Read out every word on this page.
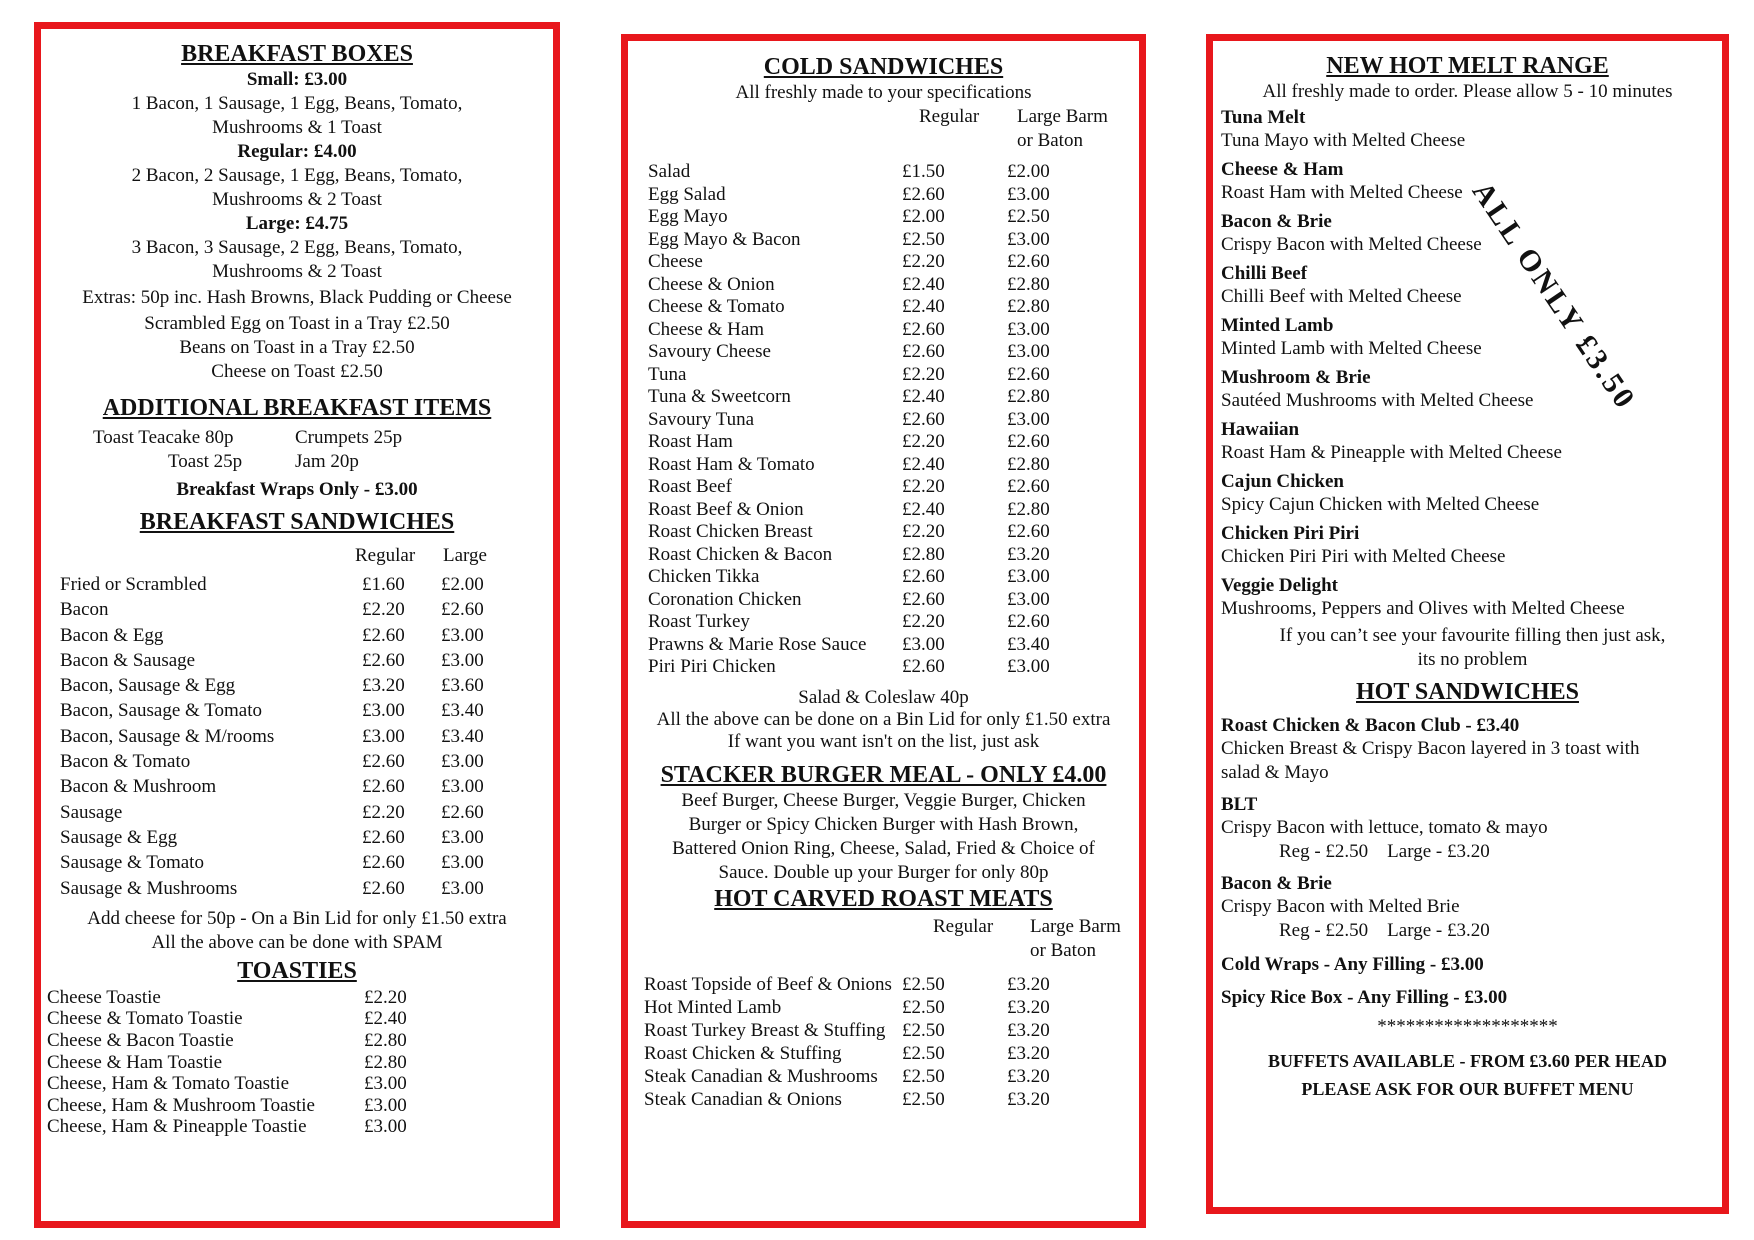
BREAKFAST BOXES

Small: £3.00
1 Bacon, 1 Sausage, 1 Egg, Beans, Tomato,
Mushrooms & 1 Toast
Regular: £4.00
2 Bacon, 2 Sausage, 1 Egg, Beans, Tomato,
Mushrooms & 2 Toast
Large: £4.75
3 Bacon, 3 Sausage, 2 Egg, Beans, Tomato,
Mushrooms & 2 Toast
Extras: 50p inc. Hash Browns, Black Pudding or Cheese
Scrambled Egg on Toast in a Tray £2.50
Beans on Toast in a Tray £2.50
Cheese on Toast £2.50

ADDITIONAL BREAKFAST ITEMS

Toast Teacake 80p	Crumpets 25p
Toast 25p	Jam 20p
Breakfast Wraps Only - £3.00

BREAKFAST SANDWICHES

Regular Large
Fried or Scrambled	£1.60 £2.00
Bacon	£2.20 £2.60
Bacon & Egg	£2.60 £3.00
Bacon & Sausage	£2.60 £3.00
Bacon, Sausage & Egg	£3.20 £3.60
Bacon, Sausage & Tomato	£3.00 £3.40
Bacon, Sausage & M/rooms	£3.00 £3.40
Bacon & Tomato	£2.60 £3.00
Bacon & Mushroom	£2.60 £3.00
Sausage	£2.20 £2.60
Sausage & Egg	£2.60 £3.00
Sausage & Tomato	£2.60 £3.00
Sausage & Mushrooms	£2.60 £3.00
Add cheese for 50p - On a Bin Lid for only £1.50 extra
All the above can be done with SPAM

TOASTIES

Cheese Toastie	£2.20
Cheese & Tomato Toastie	£2.40
Cheese & Bacon Toastie	£2.80
Cheese & Ham Toastie	£2.80
Cheese, Ham & Tomato Toastie	£3.00
Cheese, Ham & Mushroom Toastie	£3.00
Cheese, Ham & Pineapple Toastie	£3.00

COLD SANDWICHES

All freshly made to your specifications
Regular Large Barm
or Baton
Salad	£1.50	£2.00
Egg Salad	£2.60	£3.00
Egg Mayo	£2.00	£2.50
Egg Mayo & Bacon	£2.50	£3.00
Cheese	£2.20	£2.60
Cheese & Onion	£2.40	£2.80
Cheese & Tomato	£2.40	£2.80
Cheese & Ham	£2.60	£3.00
Savoury Cheese	£2.60	£3.00
Tuna	£2.20	£2.60
Tuna & Sweetcorn	£2.40	£2.80
Savoury Tuna	£2.60	£3.00
Roast Ham	£2.20	£2.60
Roast Ham & Tomato	£2.40	£2.80
Roast Beef	£2.20	£2.60
Roast Beef & Onion	£2.40	£2.80
Roast Chicken Breast	£2.20	£2.60
Roast Chicken & Bacon	£2.80	£3.20
Chicken Tikka	£2.60	£3.00
Coronation Chicken	£2.60	£3.00
Roast Turkey	£2.20	£2.60
Prawns & Marie Rose Sauce £3.00	£3.40
Piri Piri Chicken	£2.60	£3.00
Salad & Coleslaw 40p
All the above can be done on a Bin Lid for only £1.50 extra
If want you want isn't on the list, just ask

STACKER BURGER MEAL - ONLY £4.00

Beef Burger, Cheese Burger, Veggie Burger, Chicken
Burger or Spicy Chicken Burger with Hash Brown,
Battered Onion Ring, Cheese, Salad, Fried & Choice of
Sauce. Double up your Burger for only 80p

HOT CARVED ROAST MEATS

Regular Large Barm
or Baton
Roast Topside of Beef & Onions £2.50	£3.20
Hot Minted Lamb	£2.50	£3.20
Roast Turkey Breast & Stuffing £2.50	£3.20
Roast Chicken & Stuffing	£2.50	£3.20
Steak Canadian & Mushrooms £2.50	£3.20
Steak Canadian & Onions	£2.50	£3.20

NEW HOT MELT RANGE

All freshly made to order. Please allow 5 - 10 minutes
Tuna Melt
Tuna Mayo with Melted Cheese
Cheese & Ham
Roast Ham with Melted Cheese
Bacon & Brie
Crispy Bacon with Melted Cheese
Chilli Beef
Chilli Beef with Melted Cheese
Minted Lamb
Minted Lamb with Melted Cheese
Mushroom & Brie
Sautéed Mushrooms with Melted Cheese
Hawaiian
Roast Ham & Pineapple with Melted Cheese
Cajun Chicken
Spicy Cajun Chicken with Melted Cheese
Chicken Piri Piri
Chicken Piri Piri with Melted Cheese
Veggie Delight
Mushrooms, Peppers and Olives with Melted Cheese
If you can’t see your favourite filling then just ask,
its no problem

HOT SANDWICHES

Roast Chicken & Bacon Club - £3.40
Chicken Breast & Crispy Bacon layered in 3 toast with
salad & Mayo
BLT
Crispy Bacon with lettuce, tomato & mayo
Reg - £2.50    Large - £3.20
Bacon & Brie
Crispy Bacon with Melted Brie
Reg - £2.50    Large - £3.20
Cold Wraps - Any Filling - £3.00
Spicy Rice Box - Any Filling - £3.00
*******************
BUFFETS AVAILABLE - FROM £3.60 PER HEAD
PLEASE ASK FOR OUR BUFFET MENU
ALL ONLY £3.50
